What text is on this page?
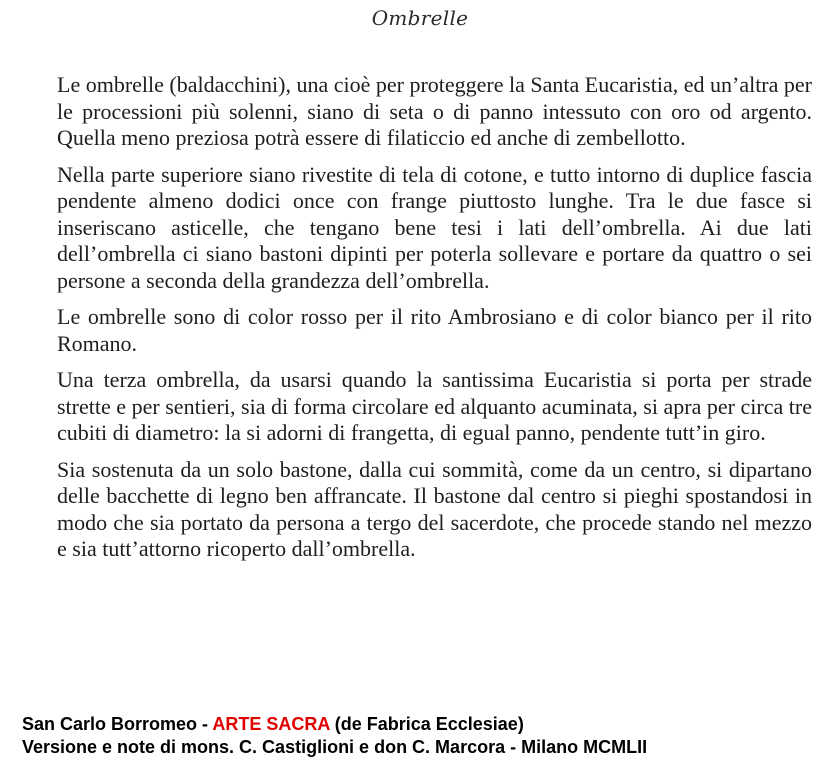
Ombrelle

Le ombrelle (baldacchini), una cioè per proteggere la Santa Eucaristia, ed un’altra per le processioni più solenni, siano di seta o di panno intessuto con oro od argento. Quella meno preziosa potrà essere di filaticcio ed anche di zembellotto.

Nella parte superiore siano rivestite di tela di cotone, e tutto intorno di duplice fascia pendente almeno dodici once con frange piuttosto lunghe. Tra le due fasce si inseriscano asticelle, che tengano bene tesi i lati dell’ombrella. Ai due lati dell’ombrella ci siano bastoni dipinti per poterla sollevare e portare da quattro o sei persone a seconda della grandezza dell’ombrella.

Le ombrelle sono di color rosso per il rito Ambrosiano e di color bianco per il rito Romano.

Una terza ombrella, da usarsi quando la santissima Eucaristia si porta per strade strette e per sentieri, sia di forma circolare ed alquanto acuminata, si apra per circa tre cubiti di diametro: la si adorni di frangetta, di egual panno, pendente tutt’in giro.

Sia sostenuta da un solo bastone, dalla cui sommità, come da un centro, si dipartano delle bacchette di legno ben affrancate. Il bastone dal centro si pieghi spostandosi in modo che sia portato da persona a tergo del sacerdote, che procede stando nel mezzo e sia tutt’attorno ricoperto dall’ombrella.

San Carlo Borromeo - ARTE SACRA (de Fabrica Ecclesiae)
Versione e note di mons. C. Castiglioni e don C. Marcora - Milano MCMLII
